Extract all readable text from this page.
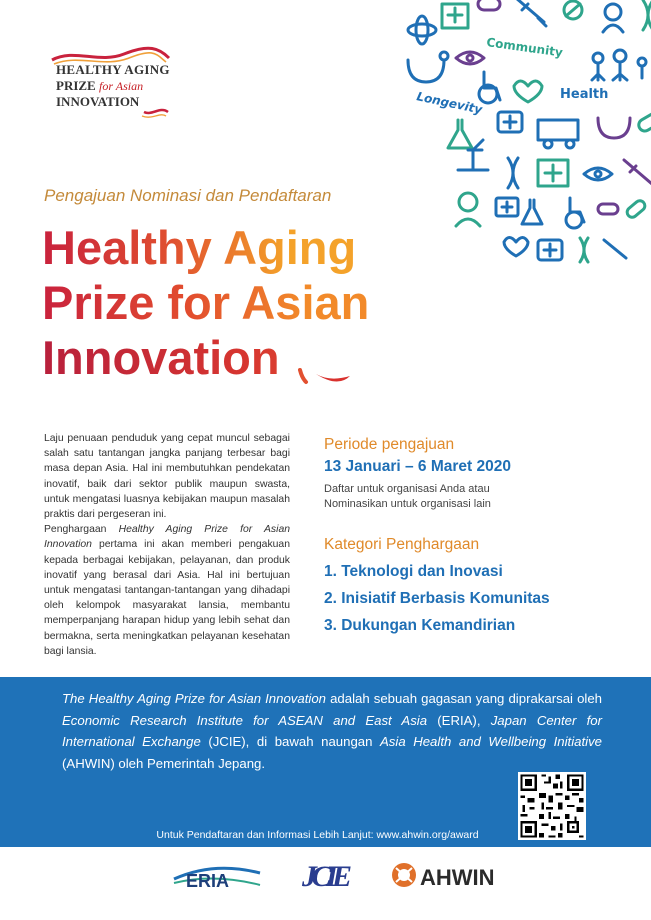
HEALTHY AGING
PRIZE for Asian
INNOVATION
Community
Longevity	Health
Pengajuan Nominasi dan Pendaftaran
Healthy Aging
Prize for Asian
Innovation

Laju penuaan penduduk yang cepat muncul sebagai salah satu tantangan jangka panjang terbesar bagi masa depan Asia. Hal ini membutuhkan pendekatan inovatif, baik dari sektor publik maupun swasta, untuk mengatasi luasnya kebijakan maupun masalah praktis dari pergeseran ini.

Penghargaan Healthy Aging Prize for Asian Innovation pertama ini akan memberi pengakuan kepada berbagai kebijakan, pelayanan, dan produk inovatif yang berasal dari Asia. Hal ini bertujuan untuk mengatasi tantangan-tantangan yang dihadapi oleh kelompok masyarakat lansia, membantu memperpanjang harapan hidup yang lebih sehat dan bermakna, serta meningkatkan pelayanan kesehatan bagi lansia.

Periode pengajuan
13 Januari – 6 Maret 2020
Daftar untuk organisasi Anda atau
Nominasikan untuk organisasi lain
Kategori Penghargaan
1. Teknologi dan Inovasi
2. Inisiatif Berbasis Komunitas
3. Dukungan Kemandirian
The Healthy Aging Prize for Asian Innovation adalah sebuah gagasan yang diprakarsai oleh Economic Research Institute for ASEAN and East Asia (ERIA), Japan Center for International Exchange (JCIE), di bawah naungan Asia Health and Wellbeing Initiative (AHWIN) oleh Pemerintah Jepang.
Untuk Pendaftaran dan Informasi Lebih Lanjut: www.ahwin.org/award
ERIA JCIE	AHWIN
